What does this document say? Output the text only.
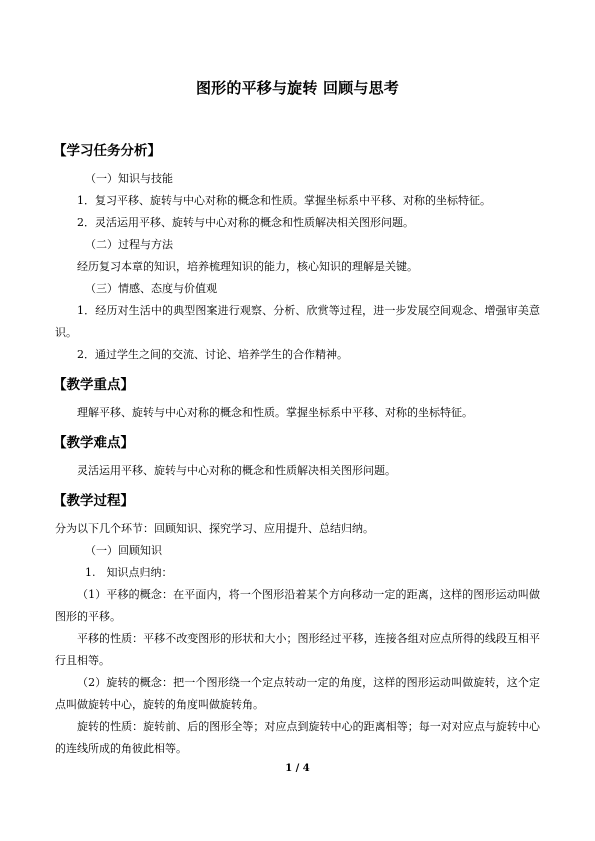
图形的平移与旋转 回顾与思考
【学习任务分析】
（一）知识与技能
1．复习平移、旋转与中心对称的概念和性质。掌握坐标系中平移、对称的坐标特征。
2．灵活运用平移、旋转与中心对称的概念和性质解决相关图形问题。
（二）过程与方法
经历复习本章的知识，培养梳理知识的能力，核心知识的理解是关键。
（三）情感、态度与价值观
1．经历对生活中的典型图案进行观察、分析、欣赏等过程，进一步发展空间观念、增强审美意识。
2．通过学生之间的交流、讨论、培养学生的合作精神。
【教学重点】
理解平移、旋转与中心对称的概念和性质。掌握坐标系中平移、对称的坐标特征。
【教学难点】
灵活运用平移、旋转与中心对称的概念和性质解决相关图形问题。
【教学过程】
分为以下几个环节：回顾知识、探究学习、应用提升、总结归纳。
（一）回顾知识
1.　知识点归纳：
（1）平移的概念：在平面内，将一个图形沿着某个方向移动一定的距离，这样的图形运动叫做图形的平移。
平移的性质：平移不改变图形的形状和大小；图形经过平移，连接各组对应点所得的线段互相平行且相等。
（2）旋转的概念：把一个图形绕一个定点转动一定的角度，这样的图形运动叫做旋转，这个定点叫做旋转中心，旋转的角度叫做旋转角。
旋转的性质：旋转前、后的图形全等；对应点到旋转中心的距离相等；每一对对应点与旋转中心的连线所成的角彼此相等。
1 / 4
